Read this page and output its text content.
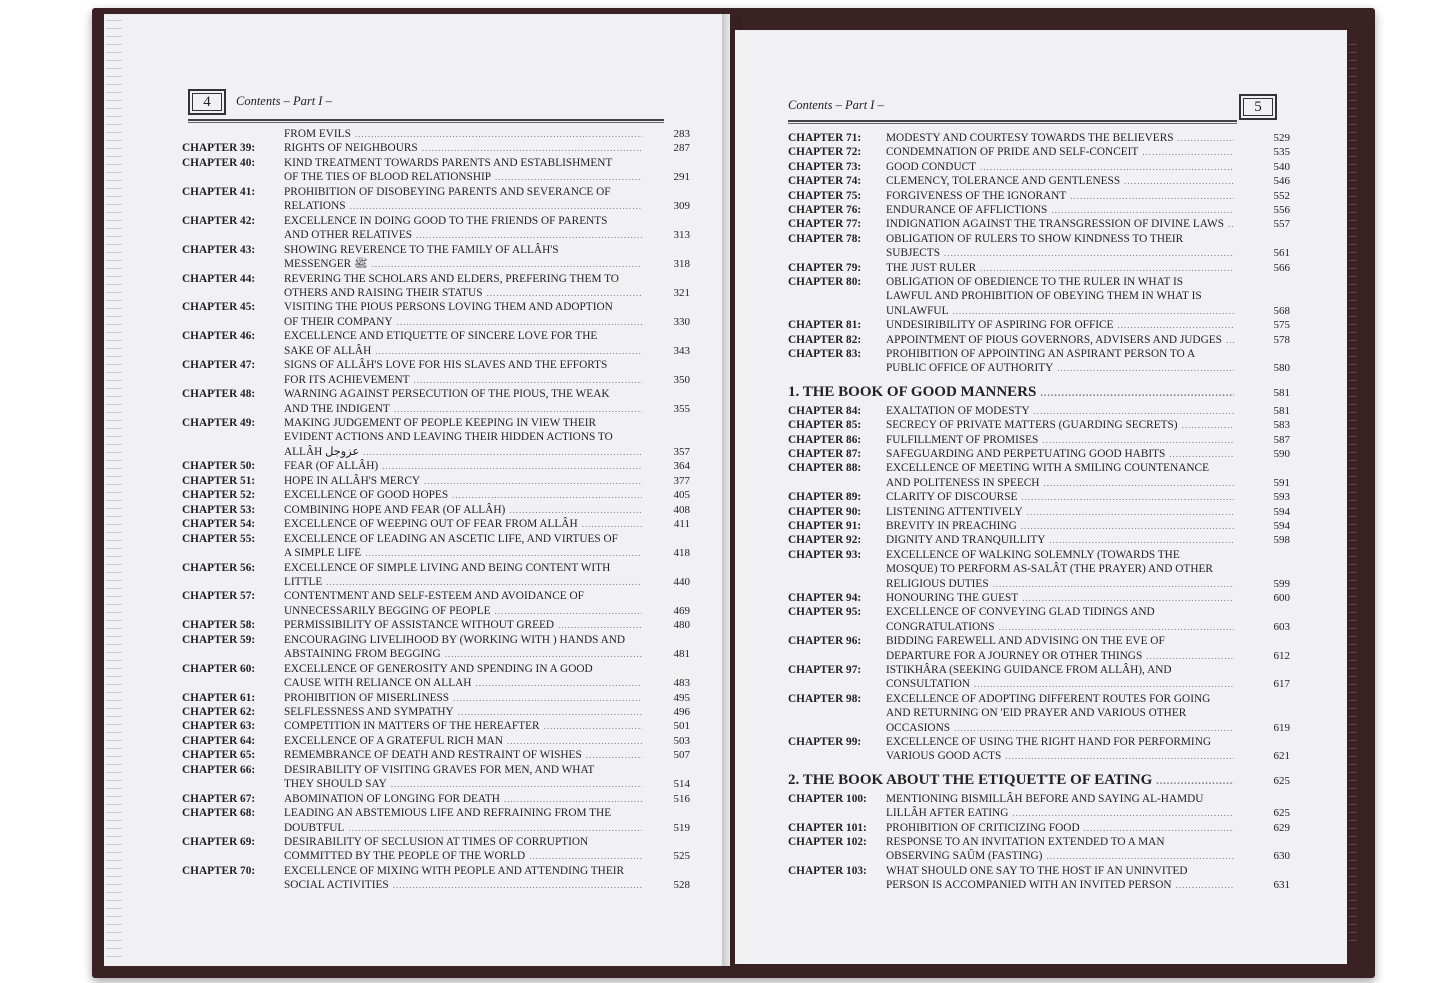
4	Contents – Part I –
FROM EVILS .....	283
CHAPTER 39:	RIGHTS OF NEIGHBOURS .....	287
CHAPTER 40:	KIND TREATMENT TOWARDS PARENTS AND ESTABLISHMENT
OF THE TIES OF BLOOD RELATIONSHIP .....	291
CHAPTER 41:	PROHIBITION OF DISOBEYING PARENTS AND SEVERANCE OF
RELATIONS .....	309
CHAPTER 42:	EXCELLENCE IN DOING GOOD TO THE FRIENDS OF PARENTS
AND OTHER RELATIVES .....	313
CHAPTER 43:	SHOWING REVERENCE TO THE FAMILY OF ALLÂH'S
MESSENGER ﷺ .....	318
CHAPTER 44:	REVERING THE SCHOLARS AND ELDERS, PREFERING THEM TO
OTHERS AND RAISING THEIR STATUS .....	321
CHAPTER 45:	VISITING THE PIOUS PERSONS LOVING THEM AND ADOPTION
OF THEIR COMPANY .....	330
CHAPTER 46:	EXCELLENCE AND ETIQUETTE OF SINCERE LOVE FOR THE
SAKE OF ALLÂH .....	343
CHAPTER 47:	SIGNS OF ALLÂH'S LOVE FOR HIS SLAVES AND THE EFFORTS
FOR ITS ACHIEVEMENT .....	350
CHAPTER 48:	WARNING AGAINST PERSECUTION OF THE PIOUS, THE WEAK
AND THE INDIGENT .....	355
CHAPTER 49:	MAKING JUDGEMENT OF PEOPLE KEEPING IN VIEW THEIR
EVIDENT ACTIONS AND LEAVING THEIR HIDDEN ACTIONS TO
ALLÂH عزوجل .....	357
CHAPTER 50:	FEAR (OF ALLÂH) .....	364
CHAPTER 51:	HOPE IN ALLÂH'S MERCY .....	377
CHAPTER 52:	EXCELLENCE OF GOOD HOPES .....	405
CHAPTER 53:	COMBINING HOPE AND FEAR (OF ALLÂH) .....	408
CHAPTER 54:	EXCELLENCE OF WEEPING OUT OF FEAR FROM ALLÂH .....	411
CHAPTER 55:	EXCELLENCE OF LEADING AN ASCETIC LIFE, AND VIRTUES OF
A SIMPLE LIFE .....	418
CHAPTER 56:	EXCELLENCE OF SIMPLE LIVING AND BEING CONTENT WITH
LITTLE .....	440
CHAPTER 57:	CONTENTMENT AND SELF-ESTEEM AND AVOIDANCE OF
UNNECESSARILY BEGGING OF PEOPLE .....	469
CHAPTER 58:	PERMISSIBILITY OF ASSISTANCE WITHOUT GREED .....	480
CHAPTER 59:	ENCOURAGING LIVELIHOOD BY (WORKING WITH ) HANDS AND
ABSTAINING FROM BEGGING .....	481
CHAPTER 60:	EXCELLENCE OF GENEROSITY AND SPENDING IN A GOOD
CAUSE WITH RELIANCE ON ALLAH .....	483
CHAPTER 61:	PROHIBITION OF MISERLINESS .....	495
CHAPTER 62:	SELFLESSNESS AND SYMPATHY .....	496
CHAPTER 63:	COMPETITION IN MATTERS OF THE HEREAFTER .....	501
CHAPTER 64:	EXCELLENCE OF A GRATEFUL RICH MAN .....	503
CHAPTER 65:	REMEMBRANCE OF DEATH AND RESTRAINT OF WISHES .....	507
CHAPTER 66:	DESIRABILITY OF VISITING GRAVES FOR MEN, AND WHAT
THEY SHOULD SAY .....	514
CHAPTER 67:	ABOMINATION OF LONGING FOR DEATH .....	516
CHAPTER 68:	LEADING AN ABSTEMIOUS LIFE AND REFRAINING FROM THE
DOUBTFUL .....	519
CHAPTER 69:	DESIRABILITY OF SECLUSION AT TIMES OF CORRUPTION
COMMITTED BY THE PEOPLE OF THE WORLD .....	525
CHAPTER 70:	EXCELLENCE OF MIXING WITH PEOPLE AND ATTENDING THEIR
SOCIAL ACTIVITIES .....	528
5
Contents – Part I –
CHAPTER 71: MODESTY AND COURTESY TOWARDS THE BELIEVERS .....	529
CHAPTER 72: CONDEMNATION OF PRIDE AND SELF-CONCEIT .....	535
CHAPTER 73: GOOD CONDUCT .....	540
CHAPTER 74: CLEMENCY, TOLERANCE AND GENTLENESS .....	546
CHAPTER 75: FORGIVENESS OF THE IGNORANT .....	552
CHAPTER 76: ENDURANCE OF AFFLICTIONS .....	556
CHAPTER 77: INDIGNATION AGAINST THE TRANSGRESSION OF DIVINE LAWS .....	557
CHAPTER 78: OBLIGATION OF RULERS TO SHOW KINDNESS TO THEIR
SUBJECTS .....	561
CHAPTER 79: THE JUST RULER .....	566
CHAPTER 80: OBLIGATION OF OBEDIENCE TO THE RULER IN WHAT IS
LAWFUL AND PROHIBITION OF OBEYING THEM IN WHAT IS
UNLAWFUL .....	568
CHAPTER 81: UNDESIRIBILITY OF ASPIRING FOR OFFICE .....	575
CHAPTER 82: APPOINTMENT OF PIOUS GOVERNORS, ADVISERS AND JUDGES .....	578
CHAPTER 83: PROHIBITION OF APPOINTING AN ASPIRANT PERSON TO A
PUBLIC OFFICE OF AUTHORITY .....	580
1. THE BOOK OF GOOD MANNERS .....	581
CHAPTER 84: EXALTATION OF MODESTY .....	581
CHAPTER 85: SECRECY OF PRIVATE MATTERS (GUARDING SECRETS) .....	583
CHAPTER 86: FULFILLMENT OF PROMISES .....	587
CHAPTER 87: SAFEGUARDING AND PERPETUATING GOOD HABITS .....	590
CHAPTER 88: EXCELLENCE OF MEETING WITH A SMILING COUNTENANCE
AND POLITENESS IN SPEECH .....	591
CHAPTER 89: CLARITY OF DISCOURSE .....	593
CHAPTER 90: LISTENING ATTENTIVELY .....	594
CHAPTER 91: BREVITY IN PREACHING .....	594
CHAPTER 92: DIGNITY AND TRANQUILLITY .....	598
CHAPTER 93: EXCELLENCE OF WALKING SOLEMNLY (TOWARDS THE
MOSQUE) TO PERFORM AS-SALÂT (THE PRAYER) AND OTHER
RELIGIOUS DUTIES .....	599
CHAPTER 94: HONOURING THE GUEST .....	600
CHAPTER 95: EXCELLENCE OF CONVEYING GLAD TIDINGS AND
CONGRATULATIONS .....	603
CHAPTER 96: BIDDING FAREWELL AND ADVISING ON THE EVE OF
DEPARTURE FOR A JOURNEY OR OTHER THINGS .....	612
CHAPTER 97: ISTIKHÂRA (SEEKING GUIDANCE FROM ALLÂH), AND
CONSULTATION .....	617
CHAPTER 98: EXCELLENCE OF ADOPTING DIFFERENT ROUTES FOR GOING
AND RETURNING ON 'EID PRAYER AND VARIOUS OTHER
OCCASIONS .....	619
CHAPTER 99: EXCELLENCE OF USING THE RIGHT HAND FOR PERFORMING
VARIOUS GOOD ACTS .....	621
2. THE BOOK ABOUT THE ETIQUETTE OF EATING .....	625
CHAPTER 100: MENTIONING BISMILLÂH BEFORE AND SAYING AL-HAMDU
LILLÂH AFTER EATING .....	625
CHAPTER 101: PROHIBITION OF CRITICIZING FOOD .....	629
CHAPTER 102: RESPONSE TO AN INVITATION EXTENDED TO A MAN
OBSERVING SAÛM (FASTING) .....	630
CHAPTER 103: WHAT SHOULD ONE SAY TO THE HOST IF AN UNINVITED
PERSON IS ACCOMPANIED WITH AN INVITED PERSON .....	631
